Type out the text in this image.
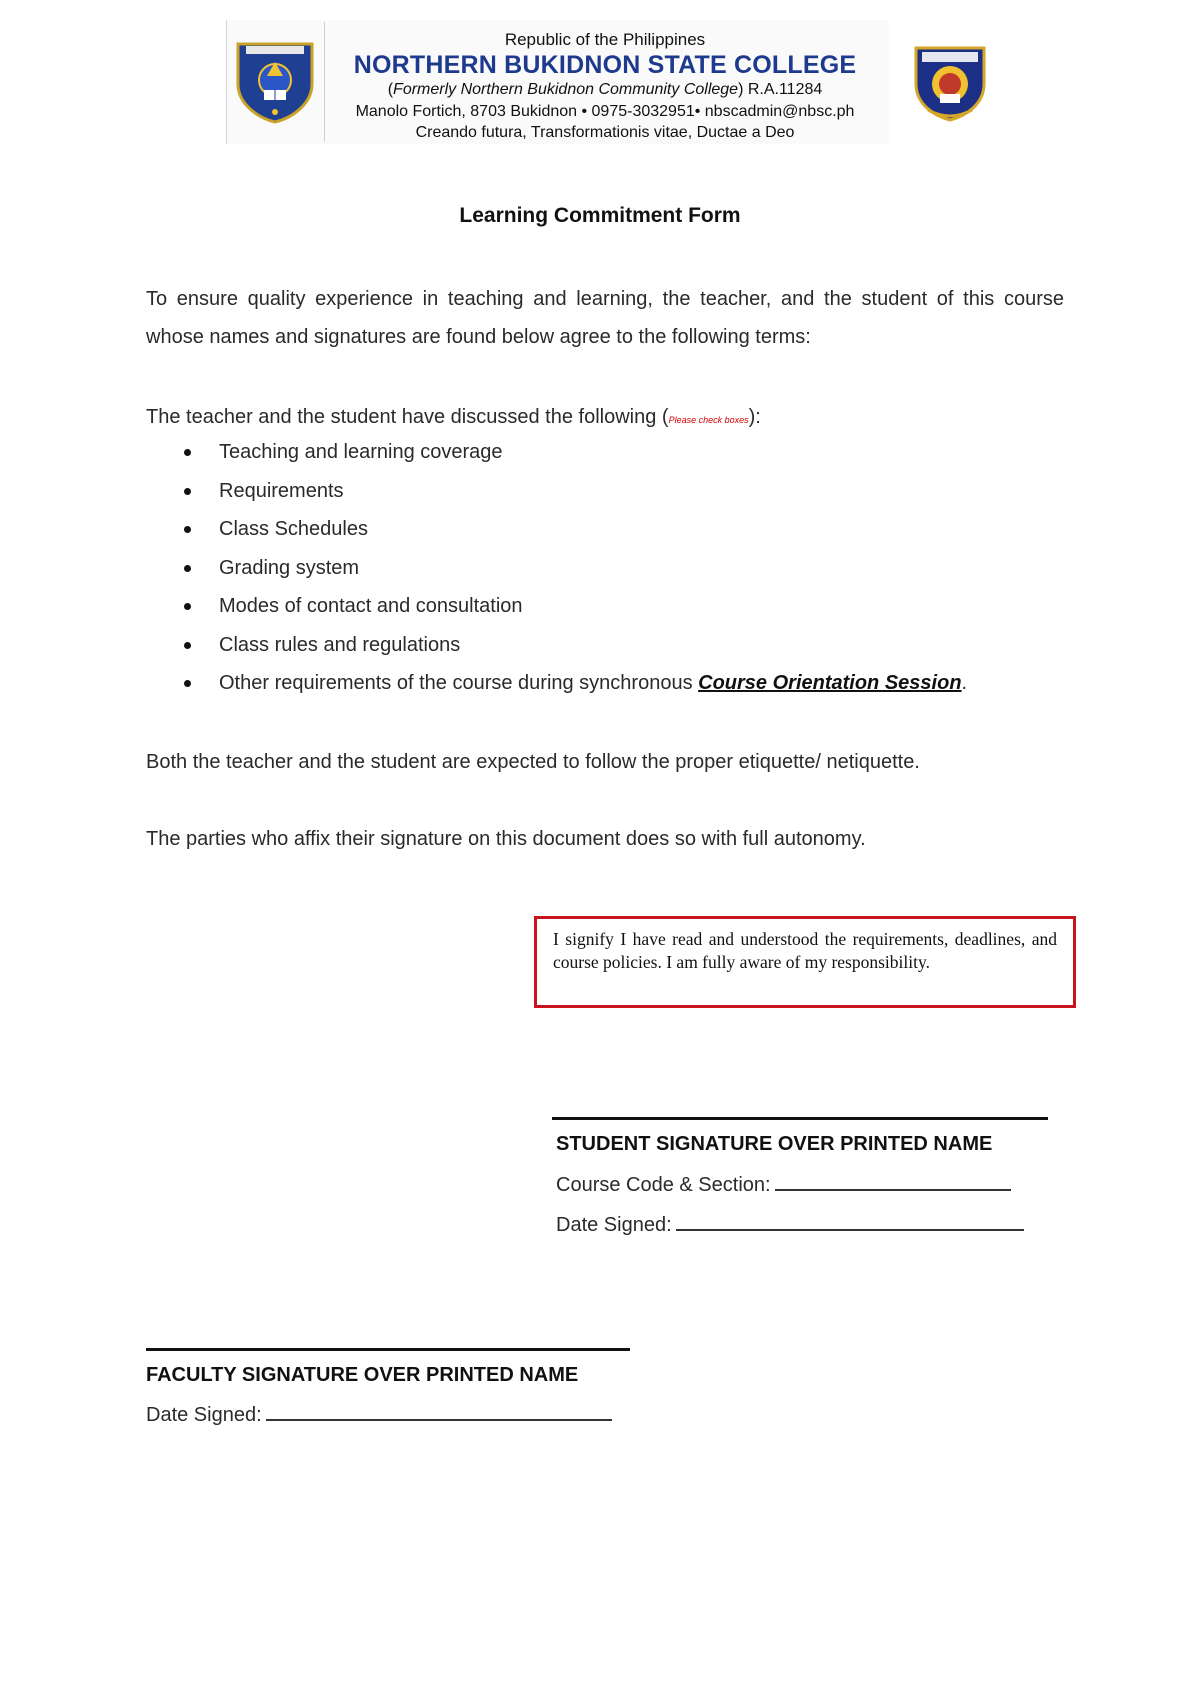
Republic of the Philippines
NORTHERN BUKIDNON STATE COLLEGE
(Formerly Northern Bukidnon Community College) R.A.11284
Manolo Fortich, 8703 Bukidnon • 0975-3032951• nbscadmin@nbsc.ph
Creando futura, Transformationis vitae, Ductae a Deo
Learning Commitment Form
To ensure quality experience in teaching and learning, the teacher, and the student of this course whose names and signatures are found below agree to the following terms:
The teacher and the student have discussed the following (Please check boxes):
Teaching and learning coverage
Requirements
Class Schedules
Grading system
Modes of contact and consultation
Class rules and regulations
Other requirements of the course during synchronous Course Orientation Session.
Both the teacher and the student are expected to follow the proper etiquette/ netiquette.
The parties who affix their signature on this document does so with full autonomy.
I signify I have read and understood the requirements, deadlines, and course policies. I am fully aware of my responsibility.
STUDENT SIGNATURE OVER PRINTED NAME
Course Code & Section:
Date Signed:
FACULTY SIGNATURE OVER PRINTED NAME
Date Signed:
